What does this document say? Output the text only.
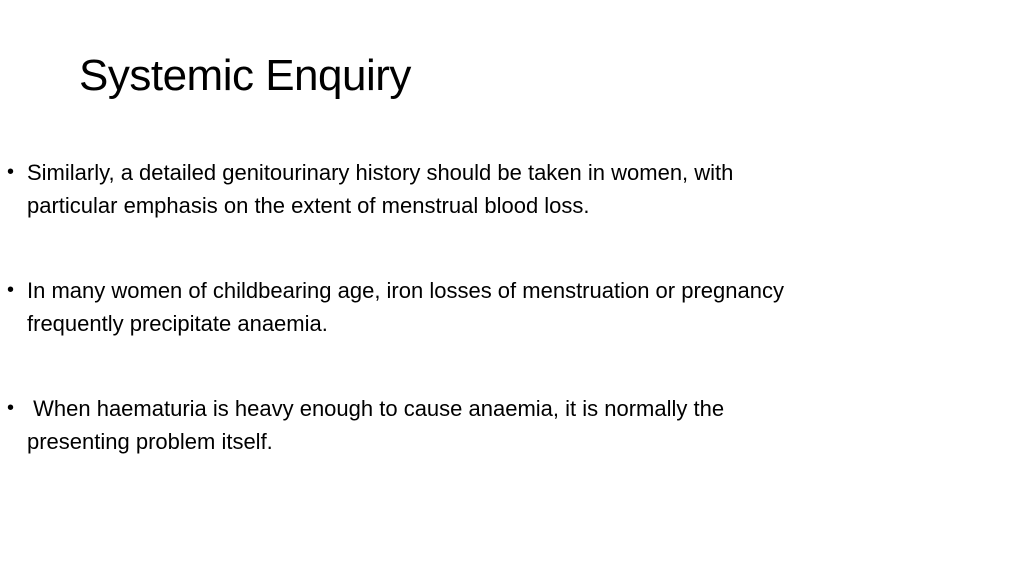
Systemic Enquiry
• Similarly, a detailed genitourinary history should be taken in women, with
particular emphasis on the extent of menstrual blood loss.
• In many women of childbearing age, iron losses of menstruation or pregnancy
frequently precipitate anaemia.
• When haematuria is heavy enough to cause anaemia, it is normally the
presenting problem itself.
